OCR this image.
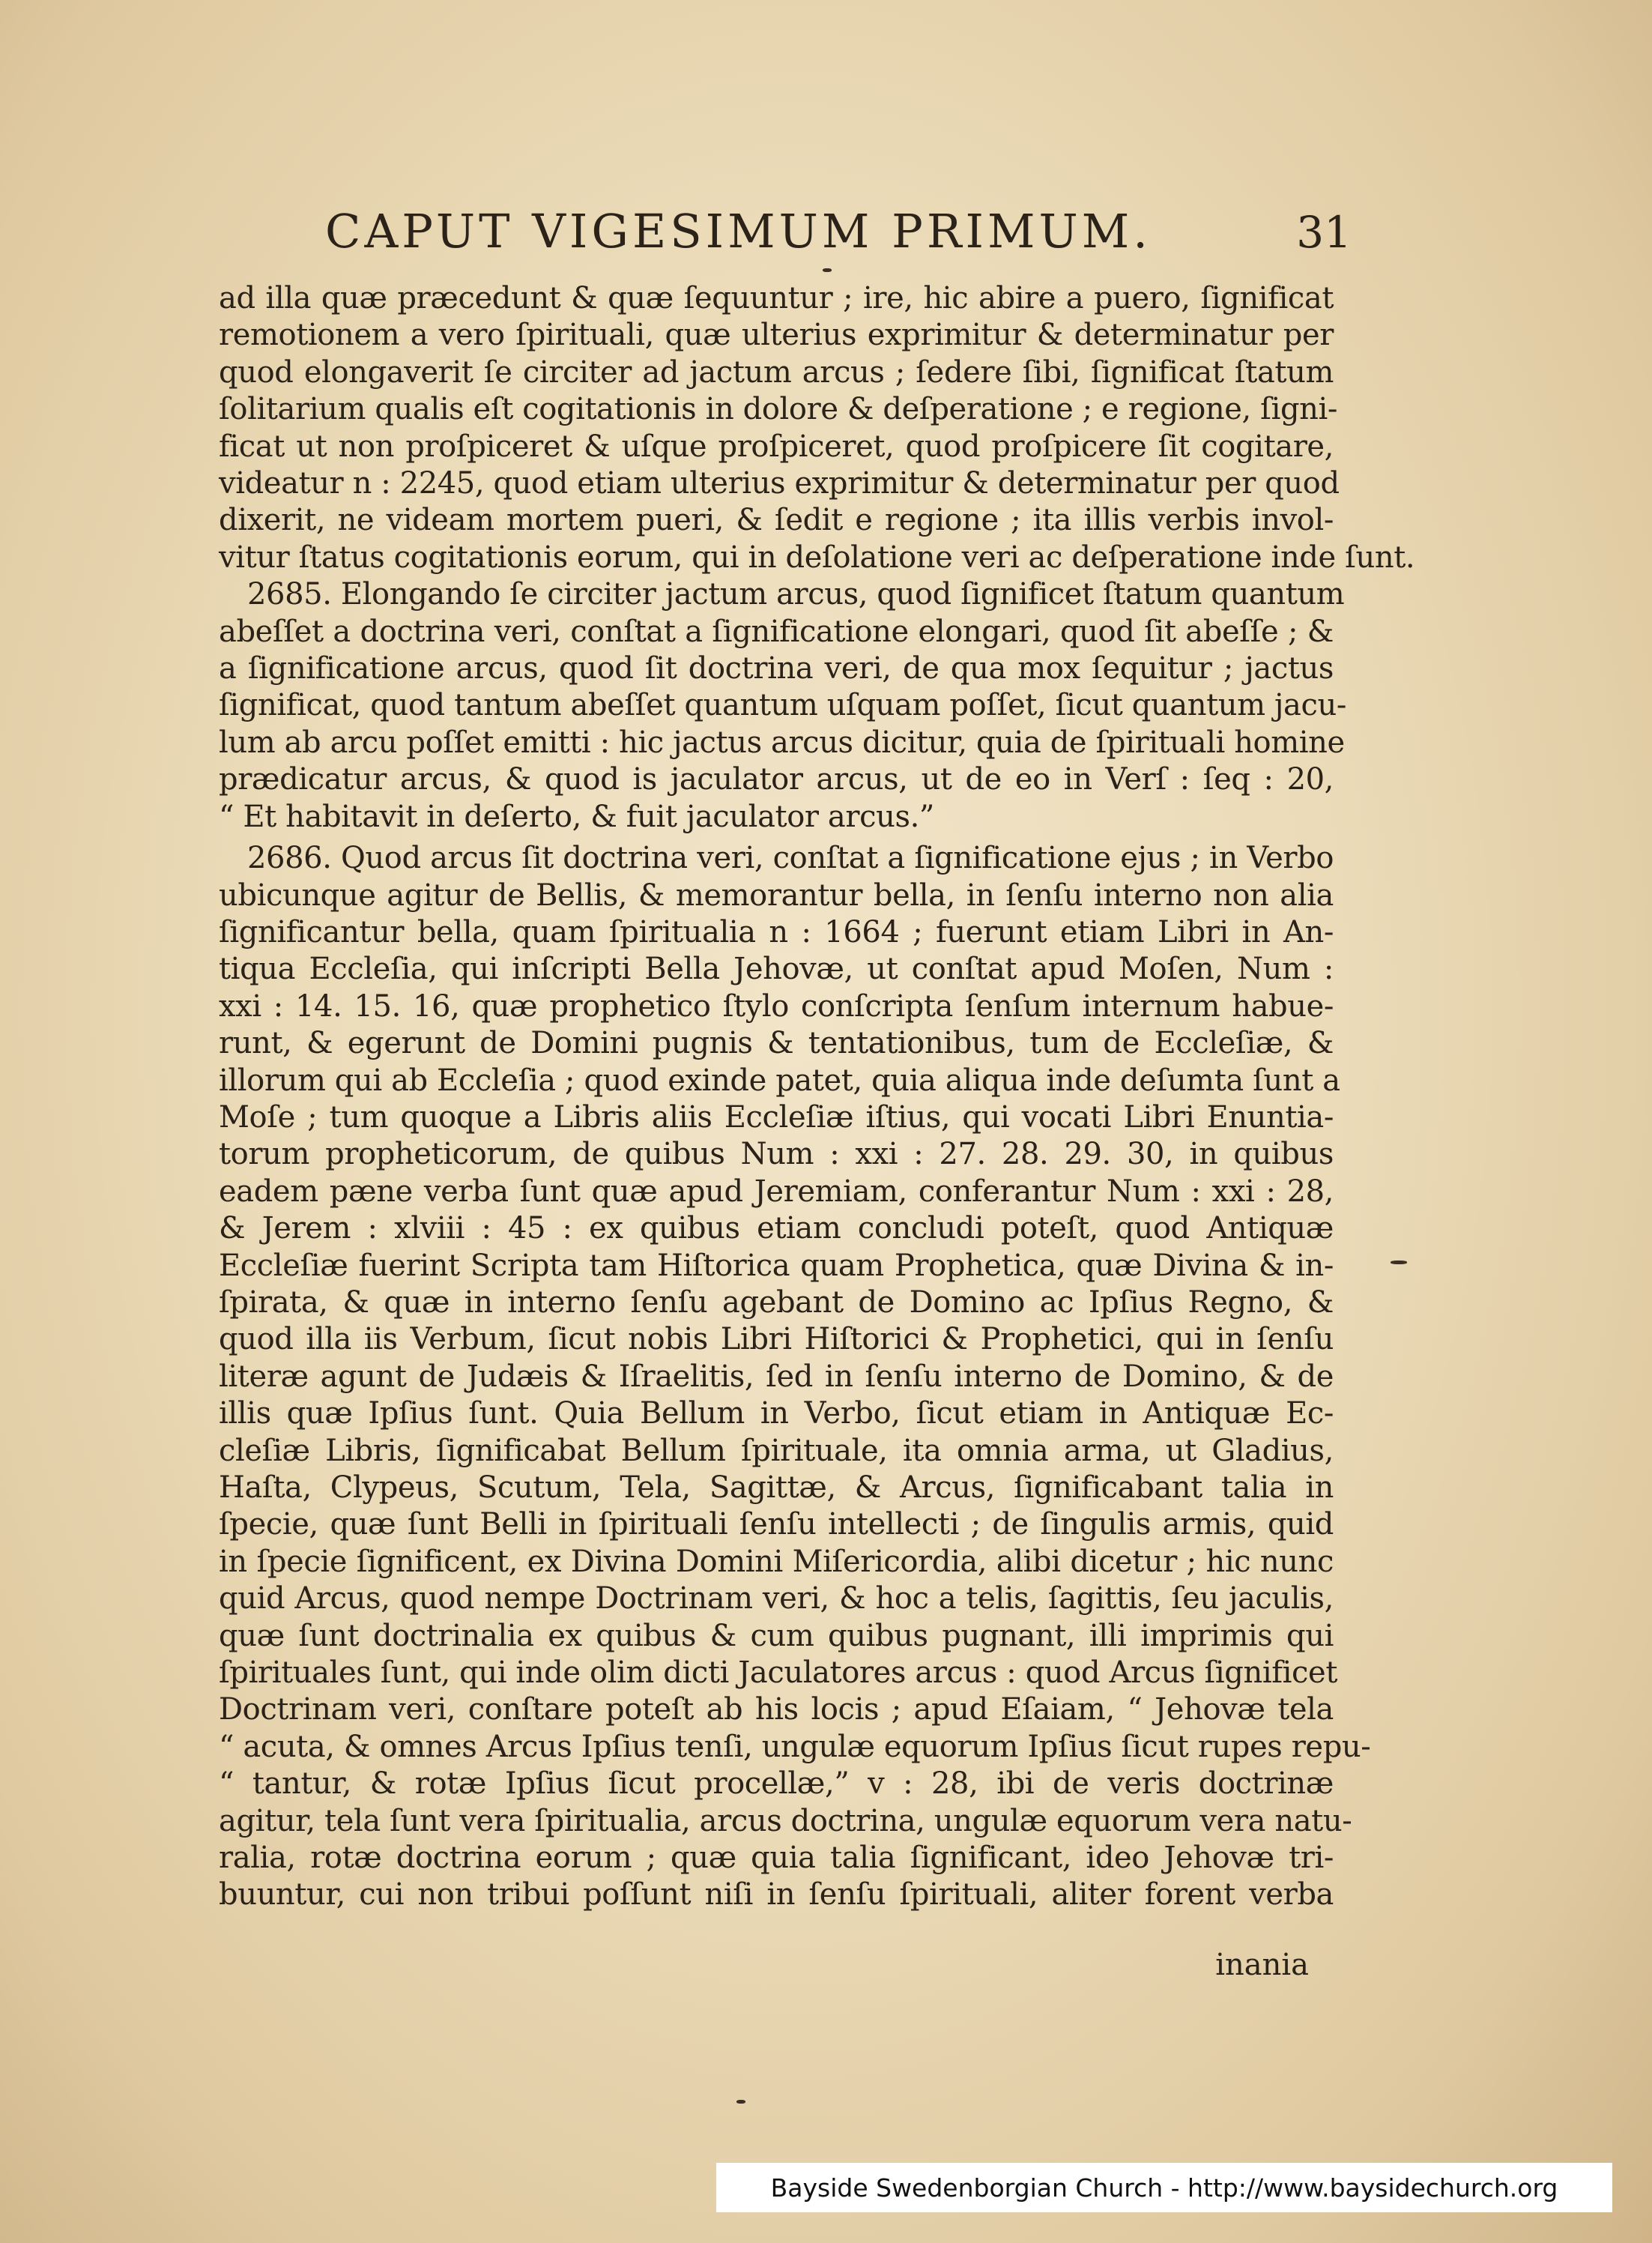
CAPUT VIGESIMUM PRIMUM.	31
ad illa quæ præcedunt & quæ ſequuntur ; ire, hic abire a puero, ſignificat
remotionem a vero ſpirituali, quæ ulterius exprimitur & determinatur per
quod elongaverit ſe circiter ad jactum arcus ; ſedere ſibi, ſignificat ſtatum
ſolitarium qualis eſt cogitationis in dolore & deſperatione ; e regione, ſigni-
ficat ut non proſpiceret & uſque proſpiceret, quod proſpicere ſit cogitare,
videatur n : 2245, quod etiam ulterius exprimitur & determinatur per quod
dixerit, ne videam mortem pueri, & ſedit e regione ; ita illis verbis invol-
vitur ſtatus cogitationis eorum, qui in deſolatione veri ac deſperatione inde ſunt.
2685. Elongando ſe circiter jactum arcus, quod ſignificet ſtatum quantum
abeſſet a doctrina veri, conſtat a ſignificatione elongari, quod ſit abeſſe ; &
a ſignificatione arcus, quod ſit doctrina veri, de qua mox ſequitur ; jactus
ſignificat, quod tantum abeſſet quantum uſquam poſſet, ſicut quantum jacu-
lum ab arcu poſſet emitti : hic jactus arcus dicitur, quia de ſpirituali homine
prædicatur arcus, & quod is jaculator arcus, ut de eo in Verſ : ſeq : 20,
“ Et habitavit in deſerto, & fuit jaculator arcus.”
2686. Quod arcus ſit doctrina veri, conſtat a ſignificatione ejus ; in Verbo
ubicunque agitur de Bellis, & memorantur bella, in ſenſu interno non alia
ſignificantur bella, quam ſpiritualia n : 1664 ; fuerunt etiam Libri in An-
tiqua Eccleſia, qui inſcripti Bella Jehovæ, ut conſtat apud Moſen, Num :
xxi : 14. 15. 16, quæ prophetico ſtylo conſcripta ſenſum internum habue-
runt, & egerunt de Domini pugnis & tentationibus, tum de Eccleſiæ, &
illorum qui ab Eccleſia ; quod exinde patet, quia aliqua inde deſumta ſunt a
Moſe ; tum quoque a Libris aliis Eccleſiæ iſtius, qui vocati Libri Enuntia-
torum propheticorum, de quibus Num : xxi : 27. 28. 29. 30, in quibus
eadem pæne verba ſunt quæ apud Jeremiam, conferantur Num : xxi : 28,
& Jerem : xlviii : 45 : ex quibus etiam concludi poteſt, quod Antiquæ
Eccleſiæ fuerint Scripta tam Hiſtorica quam Prophetica, quæ Divina & in-
ſpirata, & quæ in interno ſenſu agebant de Domino ac Ipſius Regno, &
quod illa iis Verbum, ſicut nobis Libri Hiſtorici & Prophetici, qui in ſenſu
literæ agunt de Judæis & Iſraelitis, ſed in ſenſu interno de Domino, & de
illis quæ Ipſius ſunt. Quia Bellum in Verbo, ſicut etiam in Antiquæ Ec-
cleſiæ Libris, ſignificabat Bellum ſpirituale, ita omnia arma, ut Gladius,
Haſta, Clypeus, Scutum, Tela, Sagittæ, & Arcus, ſignificabant talia in
ſpecie, quæ ſunt Belli in ſpirituali ſenſu intellecti ; de ſingulis armis, quid
in ſpecie ſignificent, ex Divina Domini Miſericordia, alibi dicetur ; hic nunc
quid Arcus, quod nempe Doctrinam veri, & hoc a telis, ſagittis, ſeu jaculis,
quæ ſunt doctrinalia ex quibus & cum quibus pugnant, illi imprimis qui
ſpirituales ſunt, qui inde olim dicti Jaculatores arcus : quod Arcus ſignificet
Doctrinam veri, conſtare poteſt ab his locis ; apud Eſaiam, “ Jehovæ tela
“ acuta, & omnes Arcus Ipſius tenſi, ungulæ equorum Ipſius ſicut rupes repu-
“ tantur, & rotæ Ipſius ſicut procellæ,” v : 28, ibi de veris doctrinæ
agitur, tela ſunt vera ſpiritualia, arcus doctrina, ungulæ equorum vera natu-
ralia, rotæ doctrina eorum ; quæ quia talia ſignificant, ideo Jehovæ tri-
buuntur, cui non tribui poſſunt niſi in ſenſu ſpirituali, aliter forent verba
inania
Bayside Swedenborgian Church - http://www.baysidechurch.org
